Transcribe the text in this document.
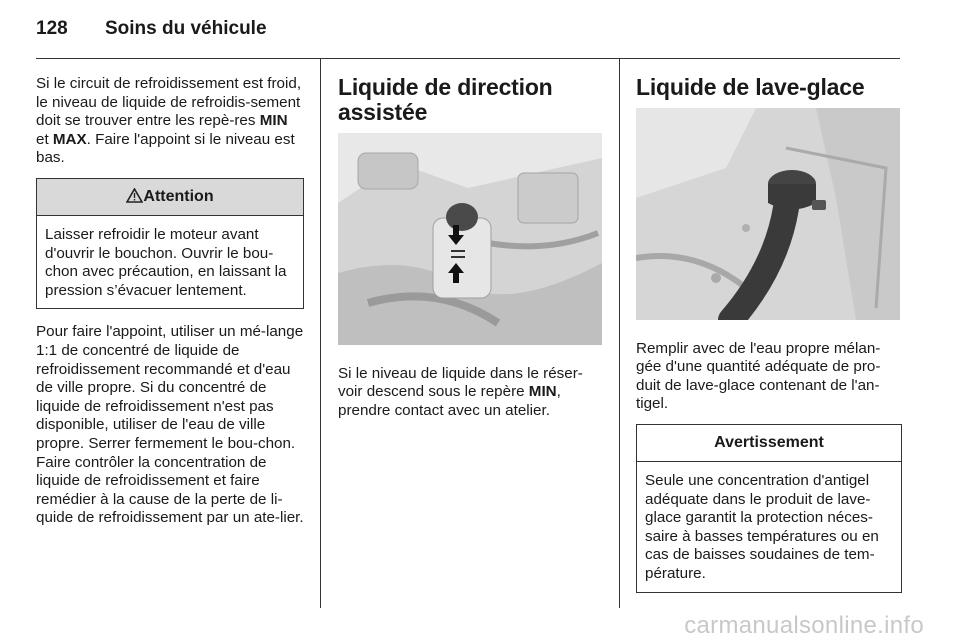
128 Soins du véhicule

Si le circuit de refroidissement est froid, le niveau de liquide de refroidis-sement doit se trouver entre les repè-res MIN et MAX. Faire l'appoint si le niveau est bas.

Attention
Laisser refroidir le moteur avant d'ouvrir le bouchon. Ouvrir le bou-chon avec précaution, en laissant la pression s’évacuer lentement.

Pour faire l'appoint, utiliser un mé-lange 1:1 de concentré de liquide de refroidissement recommandé et d'eau de ville propre. Si du concentré de liquide de refroidissement n'est pas disponible, utiliser de l'eau de ville propre. Serrer fermement le bou-chon. Faire contrôler la concentration de liquide de refroidissement et faire remédier à la cause de la perte de li-quide de refroidissement par un ate-lier.

Liquide de direction assistée

Si le niveau de liquide dans le réser-voir descend sous le repère MIN, prendre contact avec un atelier.

Liquide de lave-glace

Remplir avec de l'eau propre mélan-gée d'une quantité adéquate de pro-duit de lave-glace contenant de l'an-tigel.

Avertissement
Seule une concentration d'antigel adéquate dans le produit de lave-glace garantit la protection néces-saire à basses températures ou en cas de baisses soudaines de tem-pérature.
carmanualsonline.info
